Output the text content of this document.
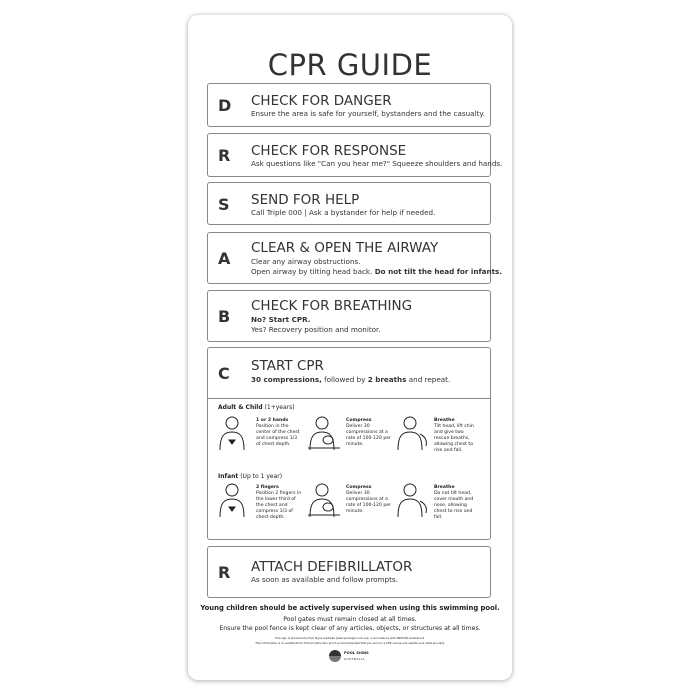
CPR GUIDE
D CHECK FOR DANGER
Ensure the area is safe for yourself, bystanders and the casualty.
R CHECK FOR RESPONSE
Ask questions like "Can you hear me?" Squeeze shoulders and hands.
S SEND FOR HELP
Call Triple 000 | Ask a bystander for help if needed.
A
CLEAR & OPEN THE AIRWAY
Clear any airway obstructions.
Open airway by tilting head back. Do not tilt the head for infants.
B
CHECK FOR BREATHING
No? Start CPR.
Yes? Recovery position and monitor.
C START CPR
30 compressions, followed by 2 breaths and repeat.
Adult & Child (1+years)
Infant (Up to 1 year)
1 or 2 hands
Position in the center of the chest and compress 1/3 of chest depth.
Compress
Deliver 30 compressions at a rate of 100-120 per minute.
Breathe
Tilt head, lift chin and give two rescue breaths, allowing chest to rise and fall.
2 fingers
Position 2 fingers in the lower third of the chest and compress 1/3 of chest depth.
Compress
Deliver 30 compressions at a rate of 100-120 per minute.
Breathe
Do not tilt head, cover mouth and nose, allowing chest to rise and fall.
R ATTACH DEFIBRILLATOR
As soon as available and follow prompts.
Young children should be actively supervised when using this swimming pool.
Pool gates must remain closed at all times.
Ensure the pool fence is kept clear of any articles, objects, or structures at all times.
This sign is produced by Pool Signs Australia (www.poolsigns.com.au), in accordance with ANZCOR Guideline 8.
This information is no substitute for formal instruction and it is recommended that you enrol in a CPR course and update your skills annually.
POOL SIGNS
AUSTRALIA
